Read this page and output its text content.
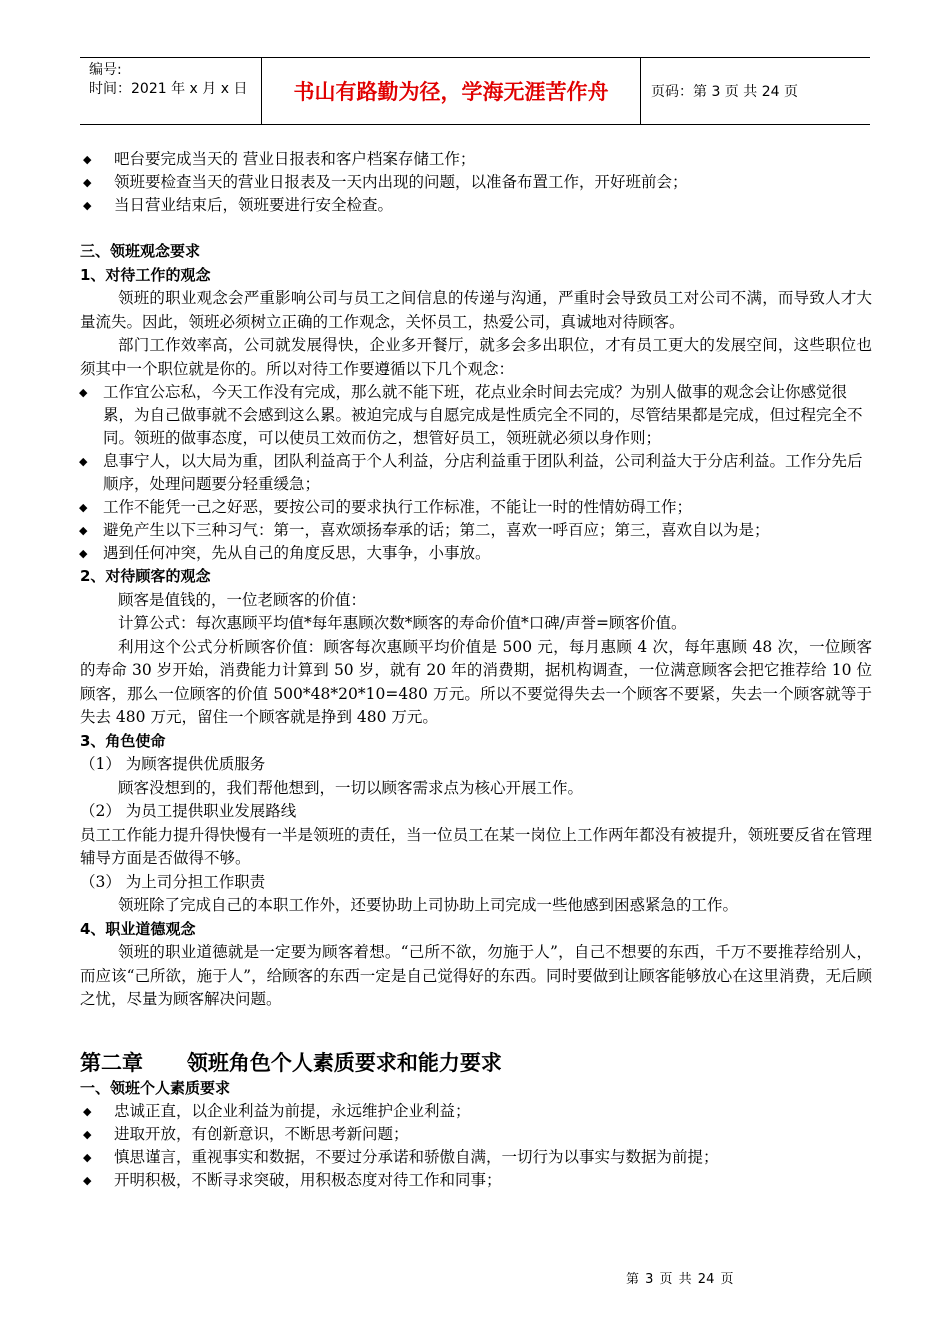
编号:
时间：2021 年 x 月 x 日	书山有路勤为径，学海无涯苦作舟	页码：第 3 页 共 24 页
◆	吧台要完成当天的 营业日报表和客户档案存储工作；
◆	领班要检查当天的营业日报表及一天内出现的问题，以准备布置工作，开好班前会；
◆	当日营业结束后，领班要进行安全检查。
三、领班观念要求
1、对待工作的观念

领班的职业观念会严重影响公司与员工之间信息的传递与沟通，严重时会导致员工对公司不满，而导致人才大量流失。因此，领班必须树立正确的工作观念，关怀员工，热爱公司，真诚地对待顾客。

部门工作效率高，公司就发展得快，企业多开餐厅，就多会多出职位，才有员工更大的发展空间，这些职位也须其中一个职位就是你的。所以对待工作要遵循以下几个观念：

◆	工作宜公忘私，今天工作没有完成，那么就不能下班，花点业余时间去完成？为别人做事的观念会让你感觉很累，为自己做事就不会感到这么累。被迫完成与自愿完成是性质完全不同的，尽管结果都是完成，但过程完全不同。领班的做事态度，可以使员工效而仿之，想管好员工，领班就必须以身作则；
◆	息事宁人，以大局为重，团队利益高于个人利益，分店利益重于团队利益，公司利益大于分店利益。工作分先后顺序，处理问题要分轻重缓急；
◆	工作不能凭一己之好恶，要按公司的要求执行工作标准，不能让一时的性情妨碍工作；
◆	避免产生以下三种习气：第一，喜欢颂扬奉承的话；第二，喜欢一呼百应；第三，喜欢自以为是；
◆	遇到任何冲突，先从自己的角度反思，大事争，小事放。
2、对待顾客的观念

顾客是值钱的，一位老顾客的价值：

计算公式：每次惠顾平均值*每年惠顾次数*顾客的寿命价值*口碑/声誉=顾客价值。

利用这个公式分析顾客价值：顾客每次惠顾平均价值是 500 元，每月惠顾 4 次，每年惠顾 48 次，一位顾客的寿命 30 岁开始，消费能力计算到 50 岁，就有 20 年的消费期，据机构调查，一位满意顾客会把它推荐给 10 位顾客，那么一位顾客的价值 500*48*20*10=480 万元。所以不要觉得失去一个顾客不要紧，失去一个顾客就等于失去 480 万元，留住一个顾客就是挣到 480 万元。

3、角色使命
（1） 为顾客提供优质服务

顾客没想到的，我们帮他想到，一切以顾客需求点为核心开展工作。

（2） 为员工提供职业发展路线

员工工作能力提升得快慢有一半是领班的责任，当一位员工在某一岗位上工作两年都没有被提升，领班要反省在管理辅导方面是否做得不够。

（3） 为上司分担工作职责

领班除了完成自己的本职工作外，还要协助上司协助上司完成一些他感到困惑紧急的工作。

4、职业道德观念

领班的职业道德就是一定要为顾客着想。“己所不欲，勿施于人”，自己不想要的东西，千万不要推荐给别人，而应该“己所欲，施于人”，给顾客的东西一定是自己觉得好的东西。同时要做到让顾客能够放心在这里消费，无后顾之忧，尽量为顾客解决问题。

第二章      领班角色个人素质要求和能力要求
一、领班个人素质要求
◆	忠诚正直，以企业利益为前提，永远维护企业利益；
◆	进取开放，有创新意识，不断思考新问题；
◆	慎思谨言，重视事实和数据，不要过分承诺和骄傲自满，一切行为以事实与数据为前提；
◆	开明积极，不断寻求突破，用积极态度对待工作和同事；
第 3 页 共 24 页
